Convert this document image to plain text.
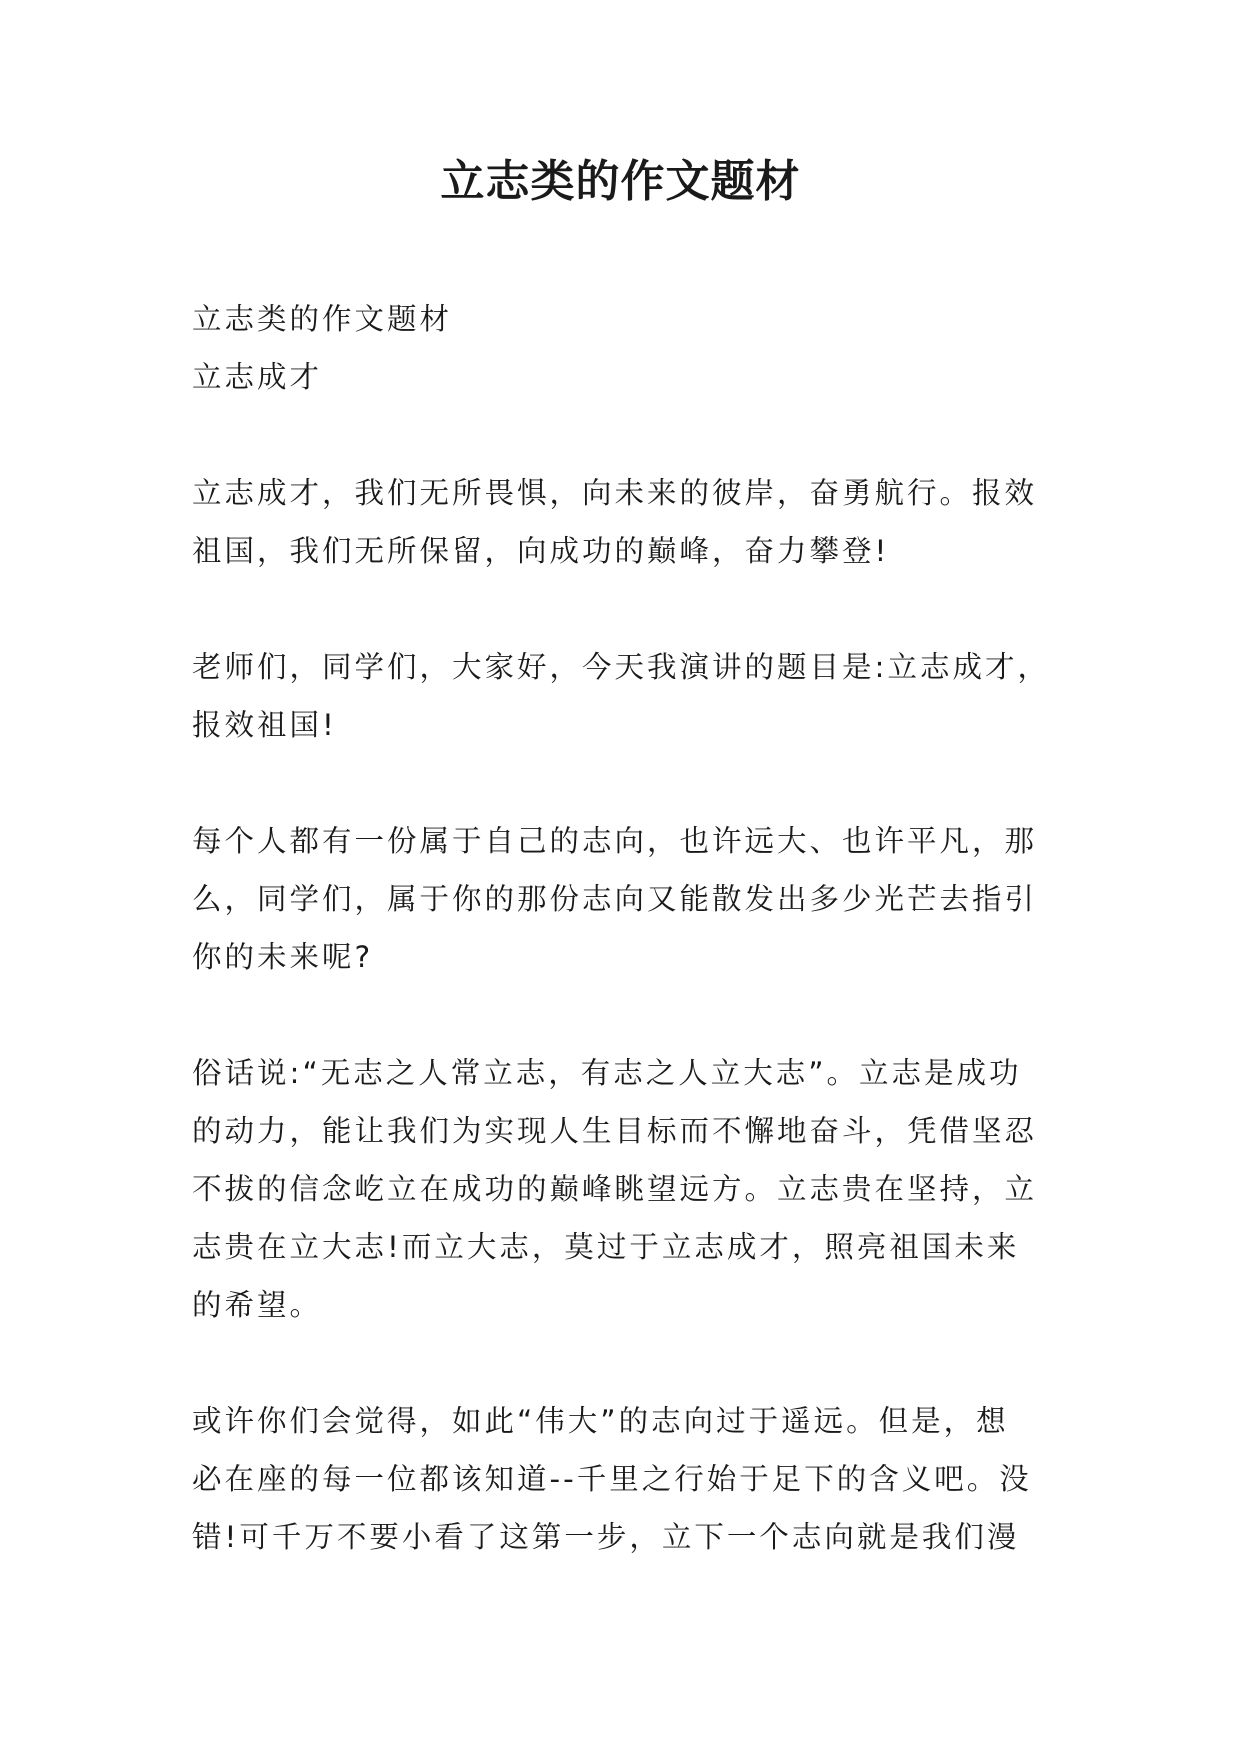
立志类的作文题材

立志类的作文题材

立志成才

立志成才，我们无所畏惧，向未来的彼岸，奋勇航行。报效
祖国，我们无所保留，向成功的巅峰，奋力攀登!

老师们，同学们，大家好，今天我演讲的题目是:立志成才，
报效祖国!

每个人都有一份属于自己的志向，也许远大、也许平凡，那
么，同学们，属于你的那份志向又能散发出多少光芒去指引
你的未来呢?

俗话说:“无志之人常立志，有志之人立大志”。立志是成功
的动力，能让我们为实现人生目标而不懈地奋斗，凭借坚忍
不拔的信念屹立在成功的巅峰眺望远方。立志贵在坚持，立
志贵在立大志!而立大志，莫过于立志成才，照亮祖国未来
的希望。

或许你们会觉得，如此“伟大”的志向过于遥远。但是，想
必在座的每一位都该知道--千里之行始于足下的含义吧。没
错!可千万不要小看了这第一步，立下一个志向就是我们漫
